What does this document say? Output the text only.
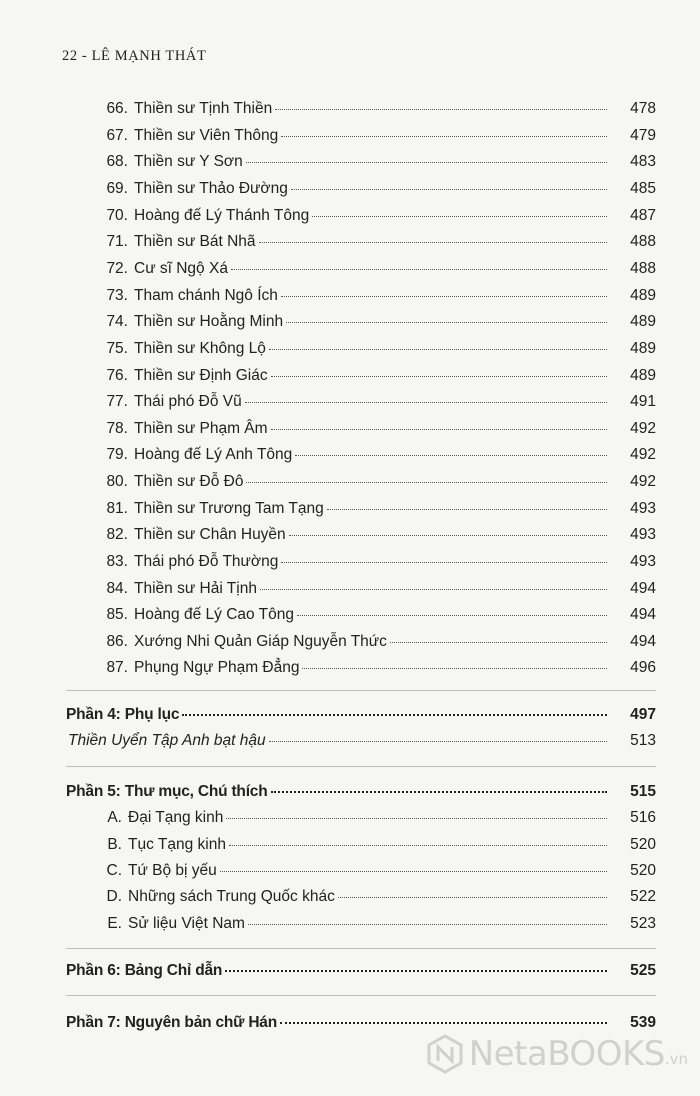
22 - LÊ MẠNH THÁT
66. Thiền sư Tịnh Thiền	478
67. Thiền sư Viên Thông	479
68. Thiền sư Y Sơn	483
69. Thiền sư Thảo Đường	485
70. Hoàng đế Lý Thánh Tông	487
71. Thiền sư Bát Nhã	488
72. Cư sĩ Ngộ Xá	488
73. Tham chánh Ngô Ích	489
74. Thiền sư Hoằng Minh	489
75. Thiền sư Không Lộ	489
76. Thiền sư Định Giác	489
77. Thái phó Đỗ Vũ	491
78. Thiền sư Phạm Âm	492
79. Hoàng đế Lý Anh Tông	492
80. Thiền sư Đỗ Đô	492
81. Thiền sư Trương Tam Tạng	493
82. Thiền sư Chân Huyền	493
83. Thái phó Đỗ Thường	493
84. Thiền sư Hải Tịnh	494
85. Hoàng đế Lý Cao Tông	494
86. Xướng Nhi Quản Giáp Nguyễn Thức	494
87. Phụng Ngự Phạm Đẳng	496
Phần 4: Phụ lục	497
Thiền Uyển Tập Anh bạt hậu	513
Phần 5: Thư mục, Chú thích	515
A. Đại Tạng kinh	516
B. Tục Tạng kinh	520
C. Tứ Bộ bị yếu	520
D. Những sách Trung Quốc khác	522
E. Sử liệu Việt Nam	523
Phần 6: Bảng Chỉ dẫn	525
Phần 7: Nguyên bản chữ Hán	539
NetaBOOKS .vn
